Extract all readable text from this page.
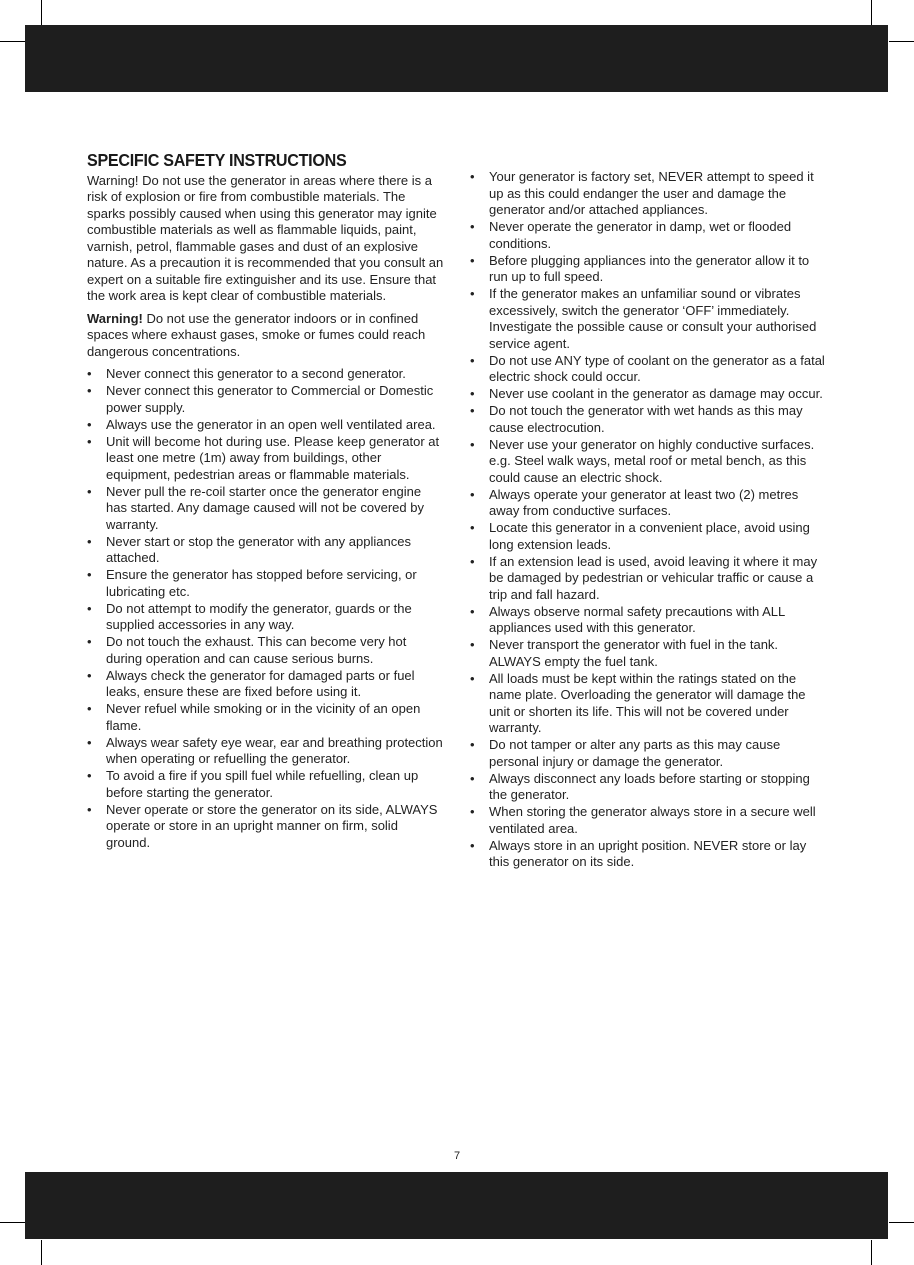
SPECIFIC SAFETY INSTRUCTIONS

Warning! Do not use the generator in areas where there is a risk of explosion or fire from combustible materials. The sparks possibly caused when using this generator may ignite combustible materials as well as flammable liquids, paint, varnish, petrol, flammable gases and dust of an explosive nature. As a precaution it is recommended that you consult an expert on a suitable fire extinguisher and its use. Ensure that the work area is kept clear of combustible materials.

Warning! Do not use the generator indoors or in confined spaces where exhaust gases, smoke or fumes could reach dangerous concentrations.

• Never connect this generator to a second generator.
• Never connect this generator to Commercial or Domestic power supply.
• Always use the generator in an open well ventilated area.
• Unit will become hot during use. Please keep generator at least one metre (1m) away from buildings, other equipment, pedestrian areas or flammable materials.
• Never pull the re-coil starter once the generator engine has started. Any damage caused will not be covered by warranty.
• Never start or stop the generator with any appliances attached.
• Ensure the generator has stopped before servicing, or lubricating etc.
• Do not attempt to modify the generator, guards or the supplied accessories in any way.
• Do not touch the exhaust. This can become very hot during operation and can cause serious burns.
• Always check the generator for damaged parts or fuel leaks, ensure these are fixed before using it.
• Never refuel while smoking or in the vicinity of an open flame.
• Always wear safety eye wear, ear and breathing protection when operating or refuelling the generator.
• To avoid a fire if you spill fuel while refuelling, clean up before starting the generator.
• Never operate or store the generator on its side, ALWAYS operate or store in an upright manner on firm, solid ground.
• Your generator is factory set, NEVER attempt to speed it up as this could endanger the user and damage the generator and/or attached appliances.
• Never operate the generator in damp, wet or flooded conditions.
• Before plugging appliances into the generator allow it to run up to full speed.
• If the generator makes an unfamiliar sound or vibrates excessively, switch the generator ‘OFF’ immediately. Investigate the possible cause or consult your authorised service agent.
• Do not use ANY type of coolant on the generator as a fatal electric shock could occur.
• Never use coolant in the generator as damage may occur.
• Do not touch the generator with wet hands as this may cause electrocution.
• Never use your generator on highly conductive surfaces. e.g. Steel walk ways, metal roof or metal bench, as this could cause an electric shock.
• Always operate your generator at least two (2) metres away from conductive surfaces.
• Locate this generator in a convenient place, avoid using long extension leads.
• If an extension lead is used, avoid leaving it where it may be damaged by pedestrian or vehicular traffic or cause a trip and fall hazard.
• Always observe normal safety precautions with ALL appliances used with this generator.
• Never transport the generator with fuel in the tank. ALWAYS empty the fuel tank.
• All loads must be kept within the ratings stated on the name plate. Overloading the generator will damage the unit or shorten its life. This will not be covered under warranty.
• Do not tamper or alter any parts as this may cause personal injury or damage the generator.
• Always disconnect any loads before starting or stopping the generator.
• When storing the generator always store in a secure well ventilated area.
• Always store in an upright position. NEVER store or lay this generator on its side.
7
